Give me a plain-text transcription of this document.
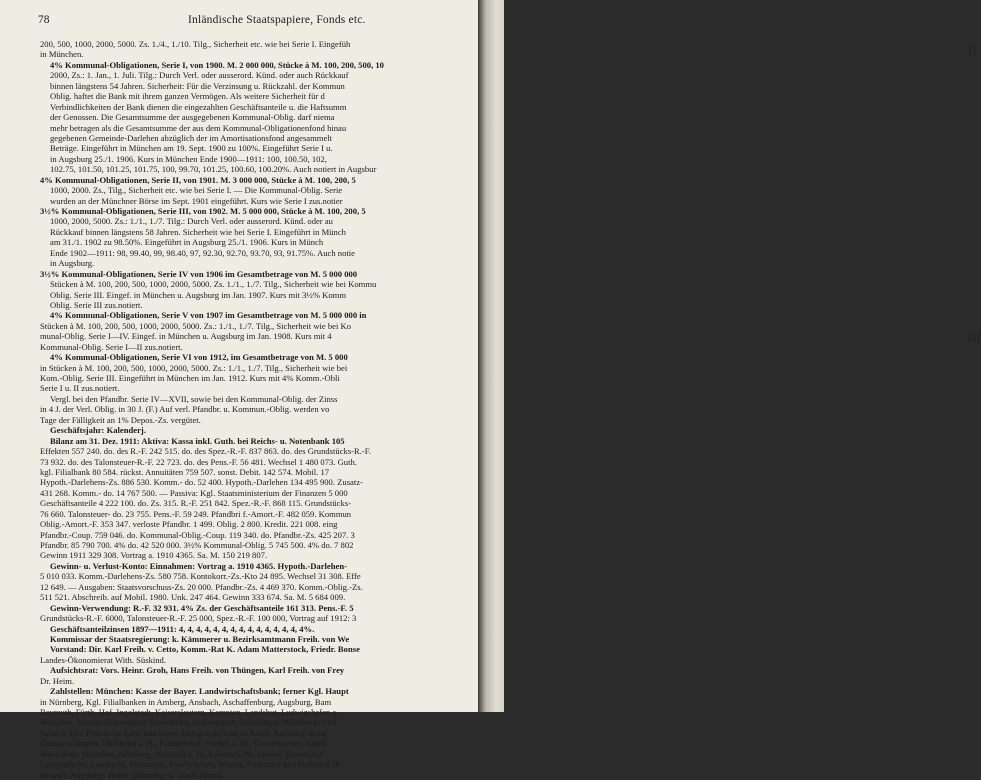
78	Inländische Staatspapiere, Fonds etc.
200, 500, 1000, 2000, 5000. Zs. 1./4., 1./10. Tilg., Sicherheit etc. wie bei Serie I. Eingefüh
in München.
4% Kommunal-Obligationen, Serie I, von 1900. M. 2 000 000, Stücke à M. 100, 200, 500, 10
2000, Zs.: 1. Jan., 1. Juli. Tilg.: Durch Verl. oder ausserord. Künd. oder auch Rückkauf
binnen längstens 54 Jahren. Sicherheit: Für die Verzinsung u. Rückzahl. der Kommun
Oblig. haftet die Bank mit ihrem ganzen Vermögen. Als weitere Sicherheit für d
Verbindlichkeiten der Bank dienen die eingezahlten Geschäftsanteile u. die Haftsumm
der Genossen. Die Gesamtsumme der ausgegebenen Kommunal-Oblig. darf niema
mehr betragen als die Gesamtsumme der aus dem Kommunal-Obligationenfond hinau
gegebenen Gemeinde-Darlehen abzüglich der im Amortisationsfond angesammelt
Beträge. Eingeführt in München am 19. Sept. 1900 zu 100%. Eingeführt Serie I u.
in Augsburg 25./1. 1906. Kurs in München Ende 1900—1911: 100, 100.50, 102,
102.75, 101.50, 101.25, 101.75, 100, 99.70, 101.25, 100.60, 100.20%. Auch notiert in Augsbur
4% Kommunal-Obligationen, Serie II, von 1901. M. 3 000 000, Stücke à M. 100, 200, 5
1000, 2000. Zs., Tilg., Sicherheit etc. wie bei Serie I. — Die Kommunal-Oblig. Serie
wurden an der Münchner Börse im Sept. 1901 eingeführt. Kurs wie Serie I zus.notier
3½% Kommunal-Obligationen, Serie III, von 1902. M. 5 000 000, Stücke à M. 100, 200, 5
1000, 2000, 5000. Zs.: 1./1., 1./7. Tilg.: Durch Verl. oder ausserord. Künd. oder au
Rückkauf binnen längstens 58 Jahren. Sicherheit wie bei Serie I. Eingeführt in Münch
am 31./1. 1902 zu 98.50%. Eingeführt in Augsburg 25./1. 1906. Kurs in Münch
Ende 1902—1911: 98, 99.40, 99, 98.40, 97, 92.30, 92.70, 93.70, 93, 91.75%. Auch notie
in Augsburg.
3½% Kommunal-Obligationen, Serie IV von 1906 im Gesamtbetrage von M. 5 000 000
Stücken à M. 100, 200, 500, 1000, 2000, 5000. Zs. 1./1., 1./7. Tilg., Sicherheit wie bei Kommu
Oblig. Serie III. Eingef. in München u. Augsburg im Jan. 1907. Kurs mit 3½% Komm
Oblig. Serie III zus.notiert.
4% Kommunal-Obligationen, Serie V von 1907 im Gesamtbetrage von M. 5 000 000 in
Stücken à M. 100, 200, 500, 1000, 2000, 5000. Zs.: 1./1., 1./7. Tilg., Sicherheit wie bei Ko
munal-Oblig. Serie I—IV. Eingef. in München u. Augsburg im Jan. 1908. Kurs mit 4
Kommunal-Oblig. Serie I—II zus.notiert.
4% Kommunal-Obligationen, Serie VI von 1912, im Gesamtbetrage von M. 5 000
in Stücken à M. 100, 200, 500, 1000, 2000, 5000. Zs.: 1./1., 1./7. Tilg., Sicherheit wie bei
Kom.-Oblig. Serie III. Eingeführt in München im Jan. 1912. Kurs mit 4% Komm.-Obli
Serie I u. II zus.notiert.
Vergl. bei den Pfandbr. Serie IV—XVII, sowie bei den Kommunal-Oblig. der Zinss
in 4 J. der Verl. Oblig. in 30 J. (F.) Auf verl. Pfandbr. u. Kommun.-Oblig. werden vo
Tage der Fälligkeit an 1% Depos.-Zs. vergütet.
Geschäftsjahr: Kalenderj.
Bilanz am 31. Dez. 1911: Aktiva: Kassa inkl. Guth. bei Reichs- u. Notenbank 105
Effekten 557 240. do. des R.-F. 242 515. do. des Spez.-R.-F. 837 863. do. des Grundstücks-R.-F.
73 932. do. des Talonsteuer-R.-F. 22 723. do. des Pens.-F. 56 481. Wechsel 1 480 073. Guth.
kgl. Filialbank 80 584. rückst. Annuitäten 759 507. sonst. Debit. 142 574. Mobil. 17
Hypoth.-Darlehens-Zs. 886 530. Komm.- do. 52 400. Hypoth.-Darlehen 134 495 900. Zusatz-
431 268. Komm.- do. 14 767 500. — Passiva: Kgl. Staatsministerium der Finanzen 5 000
Geschäftsanteile 4 222 100. do. Zs. 315. R.-F. 251 842. Spez.-R.-F. 868 115. Grundstücks-
76 660. Talonsteuer- do. 23 755. Pens.-F. 59 249. Pfandbri f.-Amort.-F. 482 059. Kommun
Oblig.-Amort.-F. 353 347. verloste Pfandbr. 1 499. Oblig. 2 800. Kredit. 221 008. eing
Pfandbr.-Coup. 759 046. do. Kommunal-Oblig.-Coup. 119 340. do. Pfandbr.-Zs. 425 207. 3
Pfandbr. 85 790 700. 4% do. 42 520 000. 3½% Kommunal-Oblig. 5 745 500. 4% do. 7 802
Gewinn 1911 329 308. Vortrag a. 1910 4365. Sa. M. 150 219 807.
Gewinn- u. Verlust-Konto: Einnahmen: Vortrag a. 1910 4365. Hypoth.-Darlehen-
5 010 033. Komm.-Darlehens-Zs. 580 758. Kontokorr.-Zs.-Kto 24 895. Wechsel 31 308. Effe
12 649. — Ausgaben: Staatsvorschuss-Zs. 20 000. Pfandbr.-Zs. 4 469 370. Komm.-Oblig.-Zs.
511 521. Abschreib. auf Mobil. 1980. Unk. 247 464. Gewinn 333 674. Sa. M. 5 684 009.
Gewinn-Verwendung: R.-F. 32 931. 4% Zs. der Geschäftsanteile 161 313. Pens.-F. 5
Grundstücks-R.-F. 6000, Talonsteuer-R.-F. 25 000, Spez.-R.-F. 100 000, Vortrag auf 1912: 3
Geschäftsanteilzinsen 1897—1911: 4, 4, 4, 4, 4, 4, 4, 4, 4, 4, 4, 4, 4, 4, 4%.
Kommissar der Staatsregierung: k. Kämmerer u. Bezirksamtmann Freih. von We
Vorstand: Dir. Karl Freih. v. Cetto, Komm.-Rat K. Adam Matterstock, Friedr. Bonse
Landes-Ökonomierat With. Süskind.
Aufsichtsrat: Vors. Heinr. Groh, Hans Freih. von Thüngen, Karl Freih. von Frey
Dr. Heim.
Zahlstellen: München: Kasse der Bayer. Landwirtschaftsbank; ferner Kgl. Haupt
in Nürnberg, Kgl. Filialbanken in Amberg, Ansbach, Aschaffenburg, Augsburg, Bam
Bayreuth, Fürth, Hof, Ingolstadt, Kaiserslautern, Kempten, Landshut, Ludwigshafen a.
München, Passau, Regensburg, Rosenheim, Schweinfurt, Straubing u. Würzburg; Lud
hafen a. Rh.: Pfälzische Bank und deren Zweigniederlass. in Alzey, Bamberg, Bens
Donaueschingen, Dürkheim a. H., Frankenthal, Frankf. a. M., Germersheim, Homb
Mannheim, München, Nürnberg, Neustadt a. H., Landau i. Pf., Speyer, Kaiserslau
Lampertheim, Landstuhl, Pirmasens, Zweibrücken, Worms, Grünstadt und Osthofen (R
hessen); Augsburg: Bayer. Disconto- u. Wechselbank.
B
Gl
